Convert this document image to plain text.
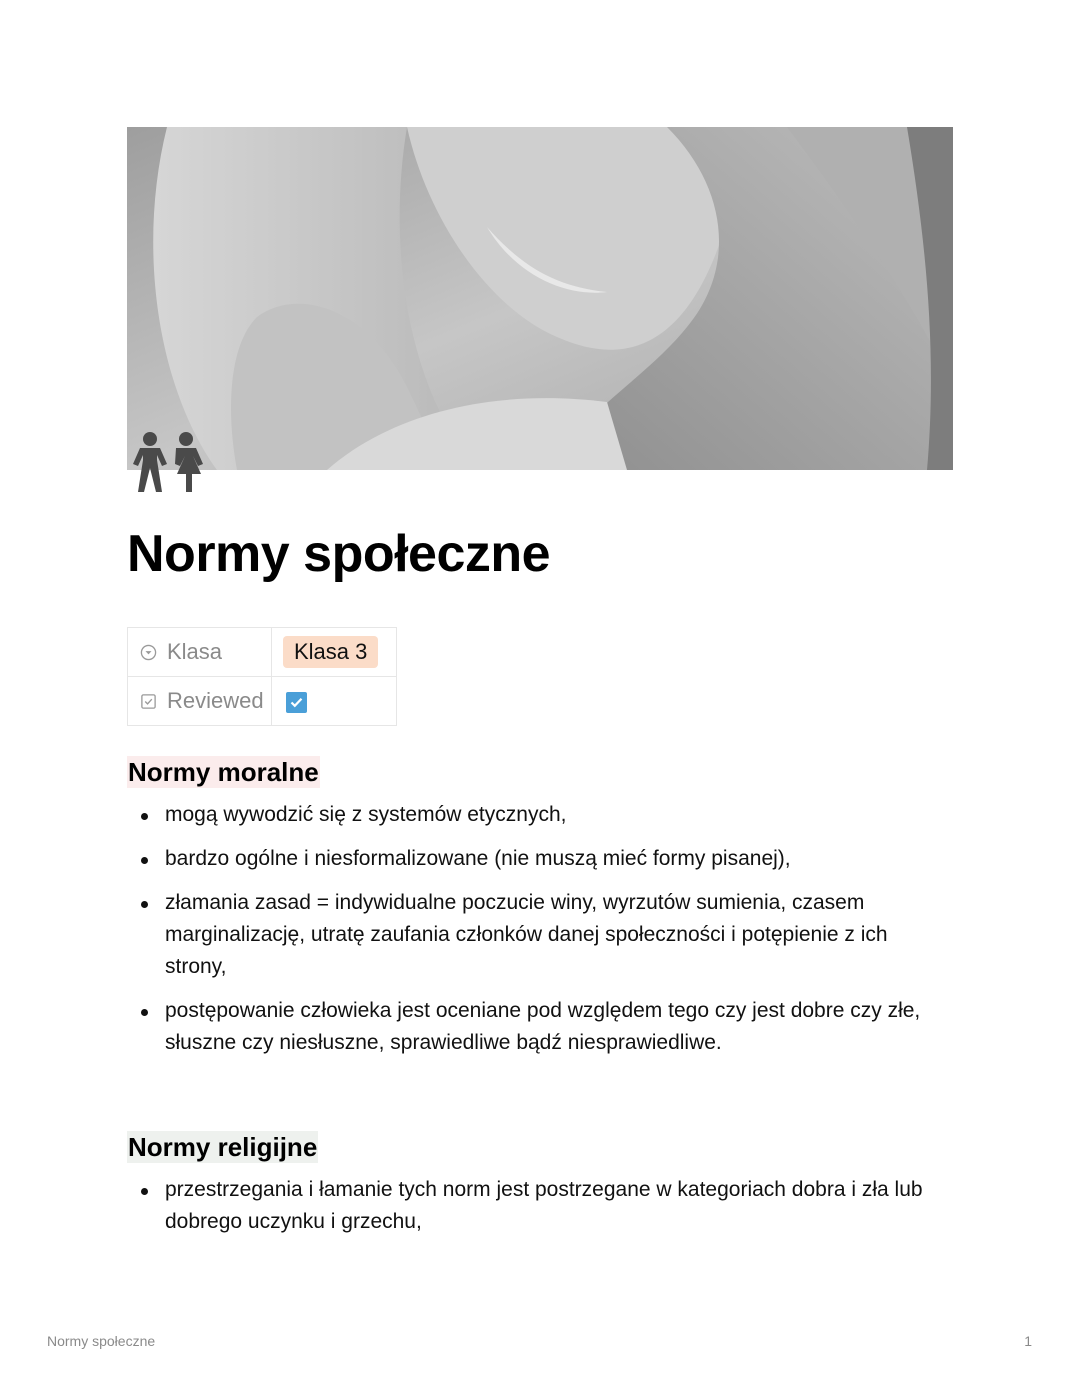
Normy społeczne
Klasa	Klasa 3

Reviewed

Normy moralne
mogą wywodzić się z systemów etycznych,
bardzo ogólne i niesformalizowane (nie muszą mieć formy pisanej),
złamania zasad = indywidualne poczucie winy, wyrzutów sumienia, czasem marginalizację, utratę zaufania członków danej społeczności i potępienie z ich strony,
postępowanie człowieka jest oceniane pod względem tego czy jest dobre czy złe, słuszne czy niesłuszne, sprawiedliwe bądź niesprawiedliwe.
Normy religijne
przestrzegania i łamanie tych norm jest postrzegane w kategoriach dobra i zła lub dobrego uczynku i grzechu,
Normy społeczne	1
